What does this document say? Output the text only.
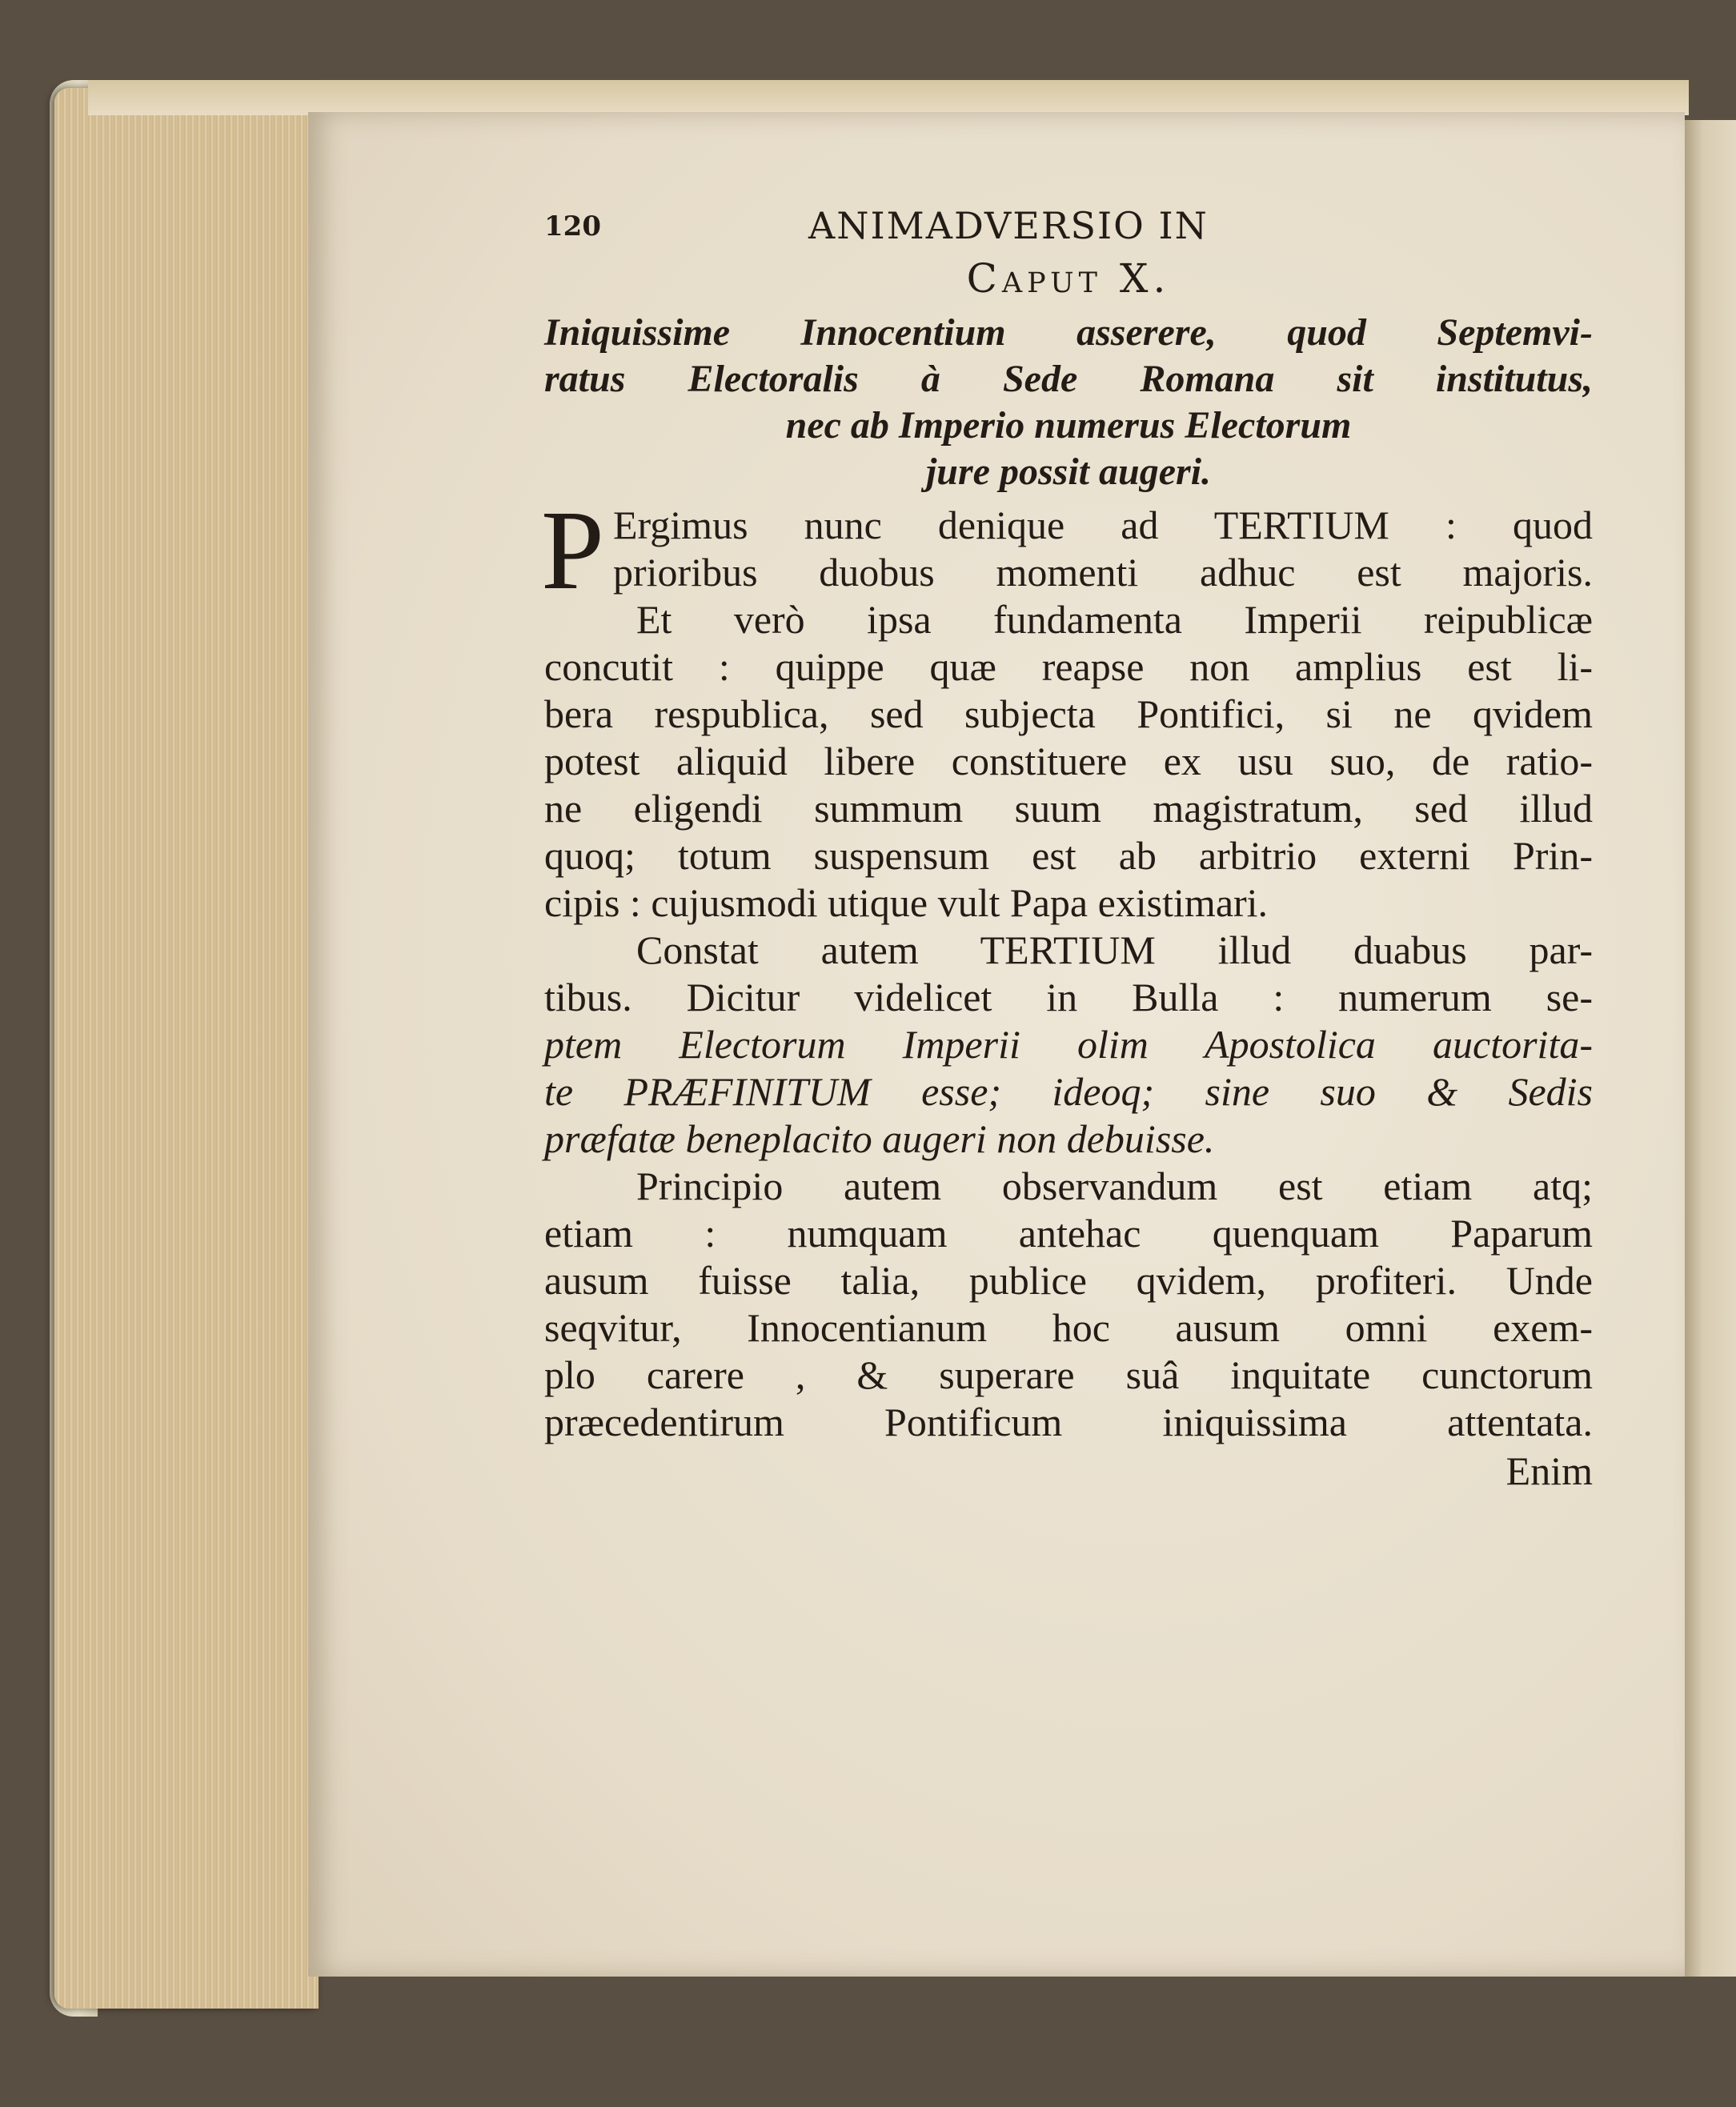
120	ANIMADVERSIO IN
Caput X.
Iniquissime Innocentium asserere, quod Septemvi-
ratus Electoralis à Sede Romana sit institutus,
nec ab Imperio numerus Electorum
jure possit augeri.
P Ergimus nunc denique ad TERTIUM : quod
prioribus duobus momenti adhuc est majoris.
Et verò ipsa fundamenta Imperii reipublicæ
concutit : quippe quæ reapse non amplius est li-
bera respublica, sed subjecta Pontifici, si ne qvidem
potest aliquid libere constituere ex usu suo, de ratio-
ne eligendi summum suum magistratum, sed illud
quoq; totum suspensum est ab arbitrio externi Prin-
cipis : cujusmodi utique vult Papa existimari.
Constat autem TERTIUM illud duabus par-
tibus. Dicitur videlicet in Bulla : numerum se-
ptem Electorum Imperii olim Apostolica auctorita-
te PRÆFINITUM esse; ideoq; sine suo & Sedis
præfatæ beneplacito augeri non debuisse.
Principio autem observandum est etiam atq;
etiam : numquam antehac quenquam Paparum
ausum fuisse talia, publice qvidem, profiteri. Unde
seqvitur, Innocentianum hoc ausum omni exem-
plo carere , & superare suâ inquitate cunctorum
præcedentirum Pontificum iniquissima attentata.
Enim
